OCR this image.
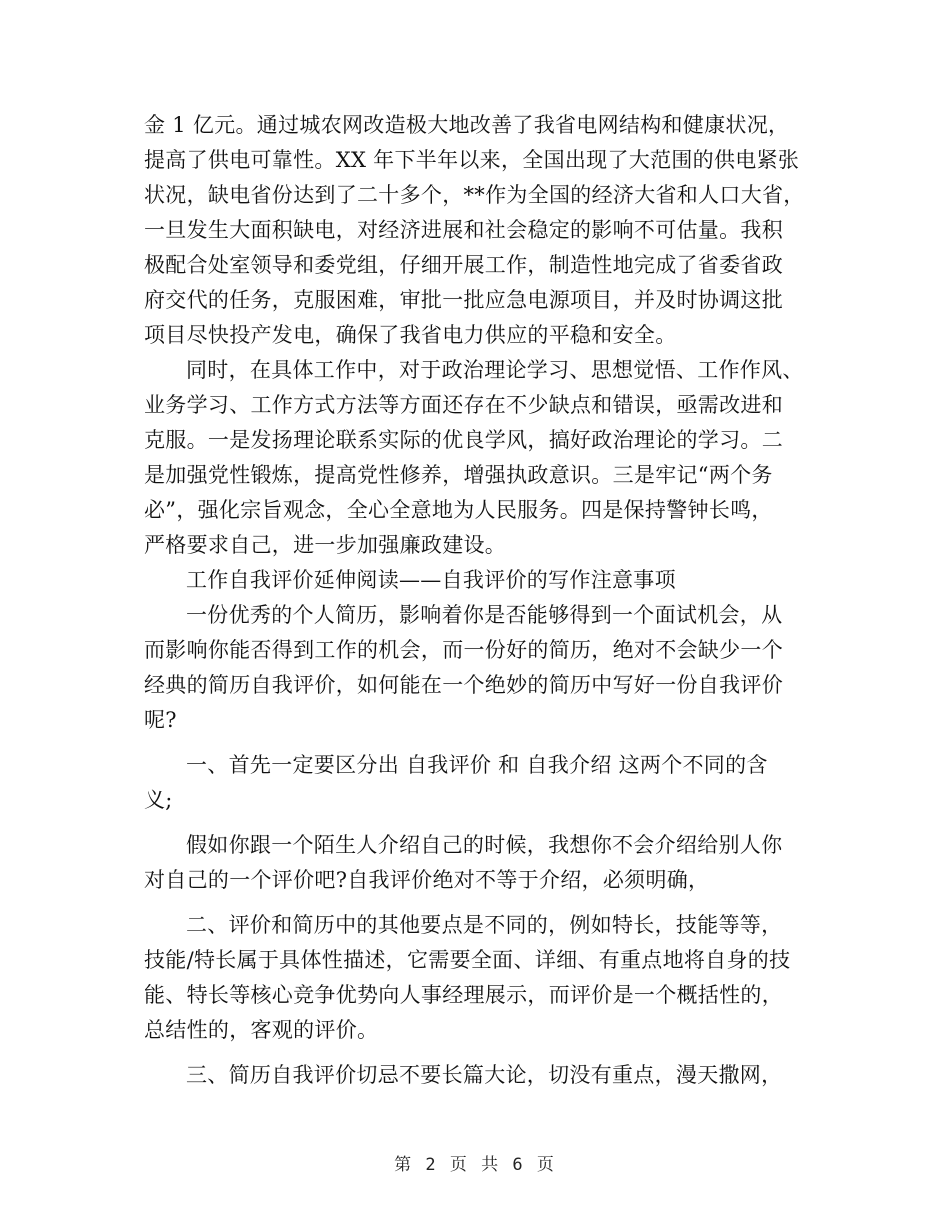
金 1 亿元。通过城农网改造极大地改善了我省电网结构和健康状况，
提高了供电可靠性。XX 年下半年以来，全国出现了大范围的供电紧张
状况，缺电省份达到了二十多个，**作为全国的经济大省和人口大省，
一旦发生大面积缺电，对经济进展和社会稳定的影响不可估量。我积
极配合处室领导和委党组，仔细开展工作，制造性地完成了省委省政
府交代的任务，克服困难，审批一批应急电源项目，并及时协调这批
项目尽快投产发电，确保了我省电力供应的平稳和安全。
同时，在具体工作中，对于政治理论学习、思想觉悟、工作作风、
业务学习、工作方式方法等方面还存在不少缺点和错误，亟需改进和
克服。一是发扬理论联系实际的优良学风，搞好政治理论的学习。二
是加强党性锻炼，提高党性修养，增强执政意识。三是牢记“两个务
必”，强化宗旨观念，全心全意地为人民服务。四是保持警钟长鸣，
严格要求自己，进一步加强廉政建设。
工作自我评价延伸阅读——自我评价的写作注意事项
一份优秀的个人简历，影响着你是否能够得到一个面试机会，从
而影响你能否得到工作的机会，而一份好的简历，绝对不会缺少一个
经典的简历自我评价，如何能在一个绝妙的简历中写好一份自我评价
呢?
一、首先一定要区分出 自我评价 和 自我介绍 这两个不同的含
义;
假如你跟一个陌生人介绍自己的时候，我想你不会介绍给别人你
对自己的一个评价吧?自我评价绝对不等于介绍，必须明确，
二、评价和简历中的其他要点是不同的，例如特长，技能等等，
技能/特长属于具体性描述，它需要全面、详细、有重点地将自身的技
能、特长等核心竞争优势向人事经理展示，而评价是一个概括性的，
总结性的，客观的评价。
三、简历自我评价切忌不要长篇大论，切没有重点，漫天撒网，
第 2 页 共 6 页
